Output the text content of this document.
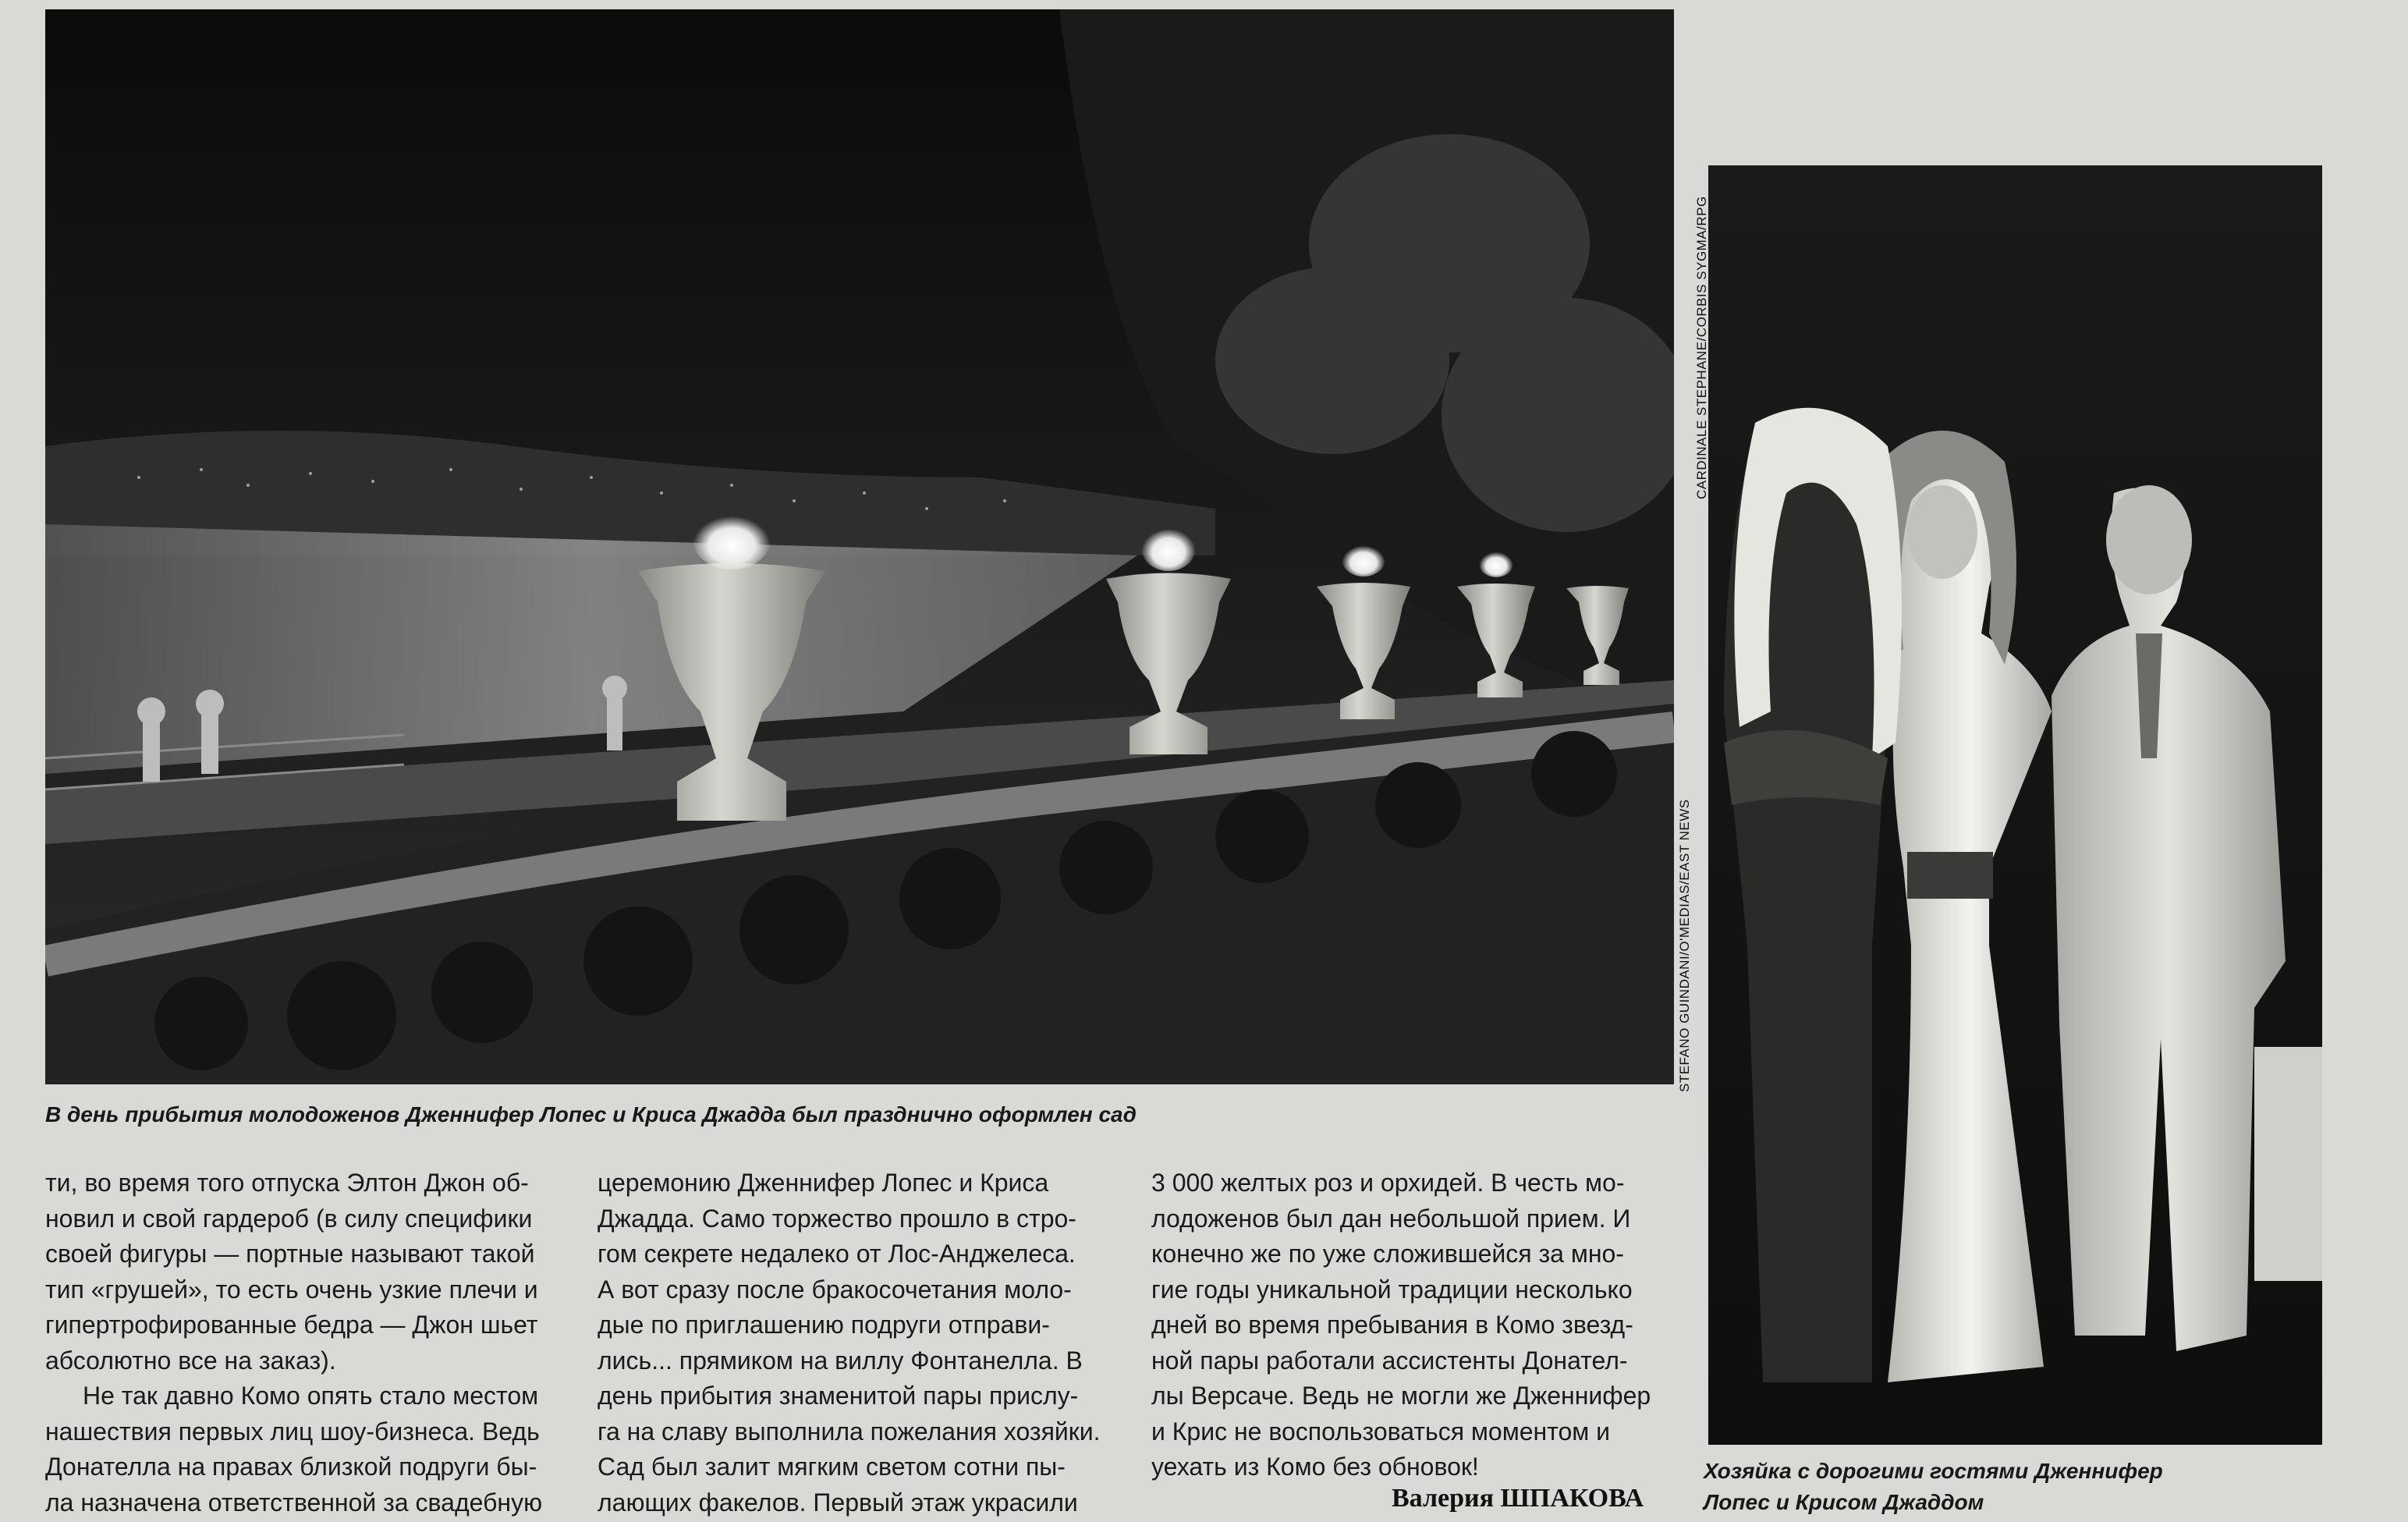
STEFANO GUINDANI/O'MEDIAS/EAST NEWS
В день прибытия молодоженов Дженнифер Лопес и Криса Джадда был празднично оформлен сад
CARDINALE STEPHANE/CORBIS SYGMA/RPG
Хозяйка с дорогими гостями Дженнифер
Лопес и Крисом Джаддом
ти, во время того отпуска Элтон Джон об-
новил и свой гардероб (в силу специфики
своей фигуры — портные называют такой
тип «грушей», то есть очень узкие плечи и
гипертрофированные бедра — Джон шьет
абсолютно все на заказ).
Не так давно Комо опять стало местом
нашествия первых лиц шоу-бизнеса. Ведь
Донателла на правах близкой подруги бы-
ла назначена ответственной за свадебную
церемонию Дженнифер Лопес и Криса
Джадда. Само торжество прошло в стро-
гом секрете недалеко от Лос-Анджелеса.
А вот сразу после бракосочетания моло-
дые по приглашению подруги отправи-
лись... прямиком на виллу Фонтанелла. В
день прибытия знаменитой пары прислу-
га на славу выполнила пожелания хозяйки.
Сад был залит мягким светом сотни пы-
лающих факелов. Первый этаж украсили
3 000 желтых роз и орхидей. В честь мо-
лодоженов был дан небольшой прием. И
конечно же по уже сложившейся за мно-
гие годы уникальной традиции несколько
дней во время пребывания в Комо звезд-
ной пары работали ассистенты Донател-
лы Версаче. Ведь не могли же Дженнифер
и Крис не воспользоваться моментом и
уехать из Комо без обновок!
Валерия ШПАКОВА
